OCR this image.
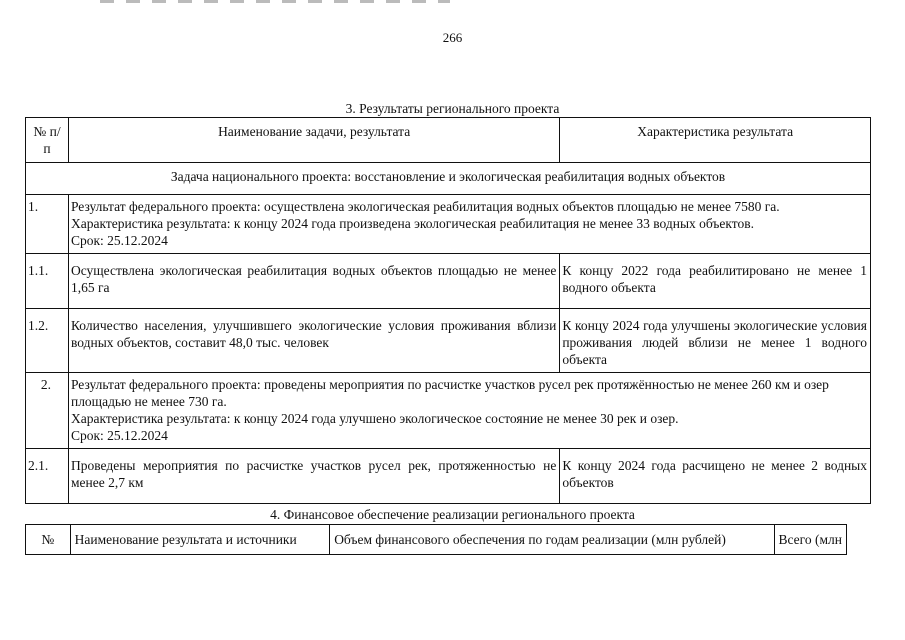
266
3. Результаты регионального проекта
№ п/п	Наименование задачи, результата	Характеристика результата
Задача национального проекта: восстановление и экологическая реабилитация водных объектов		
1.	Результат федерального проекта: осуществлена экологическая реабилитация водных объектов площадью не менее 7580 га.
Характеристика результата: к концу 2024 года произведена экологическая реабилитация не менее 33 водных объектов.
Срок: 25.12.2024	

1.1.	Осуществлена экологическая реабилитация водных объектов площадью не менее 1,65 га	К концу 2022 года реабилитировано не менее 1 водного объекта
1.2.	Количество населения, улучшившего экологические условия проживания вблизи водных объектов, составит 48,0 тыс. человек	К концу 2024 года улучшены экологические условия проживания людей вблизи не менее 1 водного объекта
2.	Результат федерального проекта: проведены мероприятия по расчистке участков русел рек протяжённостью не менее 260 км и озер площадью не менее 730 га.
Характеристика результата: к концу 2024 года улучшено экологическое состояние не менее 30 рек и озер.
Срок: 25.12.2024	

2.1.	Проведены мероприятия по расчистке участков русел рек, протяженностью не менее 2,7 км	К концу 2024 года расчищено не менее 2 водных объектов
4. Финансовое обеспечение реализации регионального проекта
№	Наименование результата и источники	Объем финансового обеспечения по годам реализации (млн рублей)	Всего (млн
